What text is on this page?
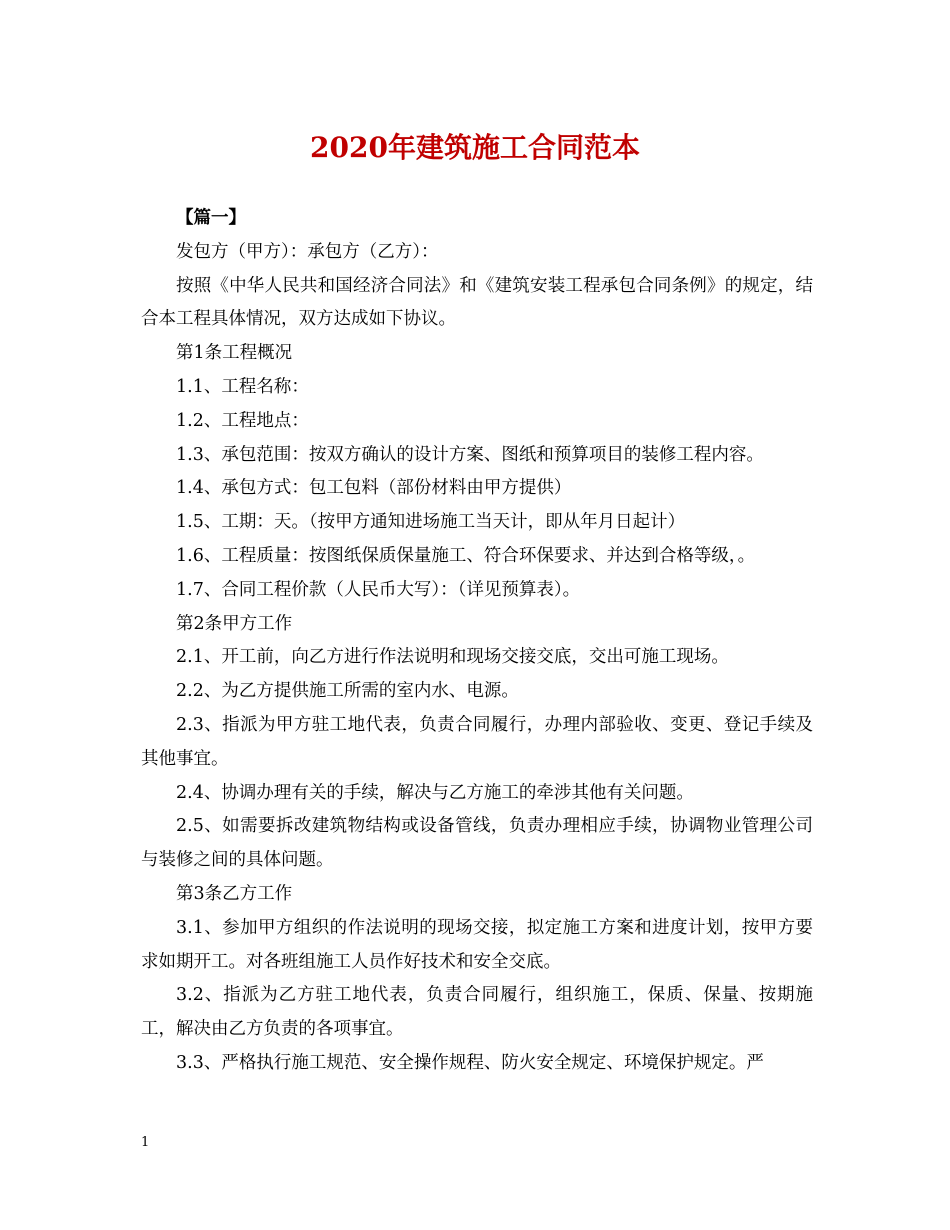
2020年建筑施工合同范本

【篇一】

发包方（甲方）：承包方（乙方）：

按照《中华人民共和国经济合同法》和《建筑安装工程承包合同条例》的规定，结合本工程具体情况，双方达成如下协议。

第1条工程概况

1.1、工程名称：

1.2、工程地点：

1.3、承包范围：按双方确认的设计方案、图纸和预算项目的装修工程内容。

1.4、承包方式：包工包料（部份材料由甲方提供）

1.5、工期：天。（按甲方通知进场施工当天计，即从年月日起计）

1.6、工程质量：按图纸保质保量施工、符合环保要求、并达到合格等级，。

1.7、合同工程价款（人民币大写）：（详见预算表）。

第2条甲方工作

2.1、开工前，向乙方进行作法说明和现场交接交底，交出可施工现场。

2.2、为乙方提供施工所需的室内水、电源。

2.3、指派为甲方驻工地代表，负责合同履行，办理内部验收、变更、登记手续及其他事宜。

2.4、协调办理有关的手续，解决与乙方施工的牵涉其他有关问题。

2.5、如需要拆改建筑物结构或设备管线，负责办理相应手续，协调物业管理公司与装修之间的具体问题。

第3条乙方工作

3.1、参加甲方组织的作法说明的现场交接，拟定施工方案和进度计划，按甲方要求如期开工。对各班组施工人员作好技术和安全交底。

3.2、指派为乙方驻工地代表，负责合同履行，组织施工，保质、保量、按期施工，解决由乙方负责的各项事宜。

3.3、严格执行施工规范、安全操作规程、防火安全规定、环境保护规定。严

1
